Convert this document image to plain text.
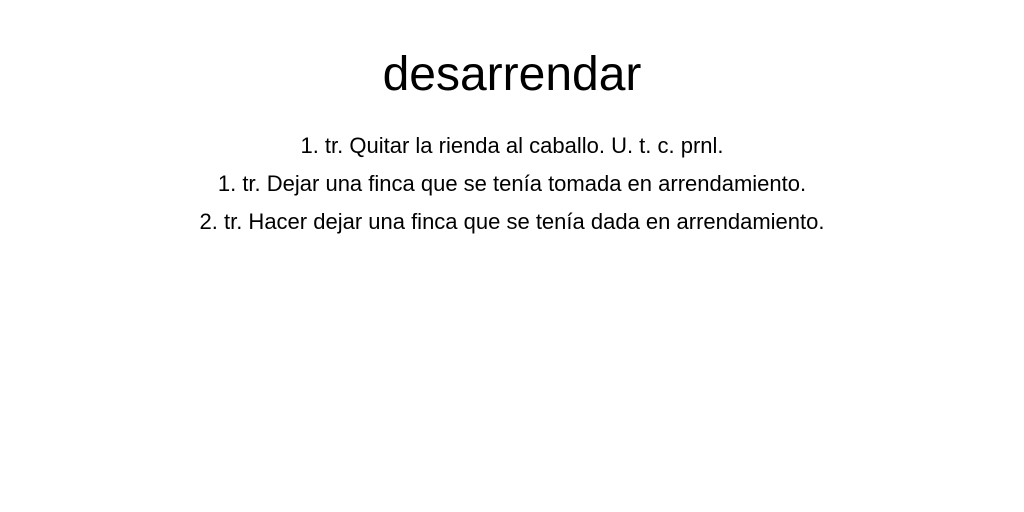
desarrendar
1. tr. Quitar la rienda al caballo. U. t. c. prnl.
1. tr. Dejar una finca que se tenía tomada en arrendamiento.
2. tr. Hacer dejar una finca que se tenía dada en arrendamiento.
